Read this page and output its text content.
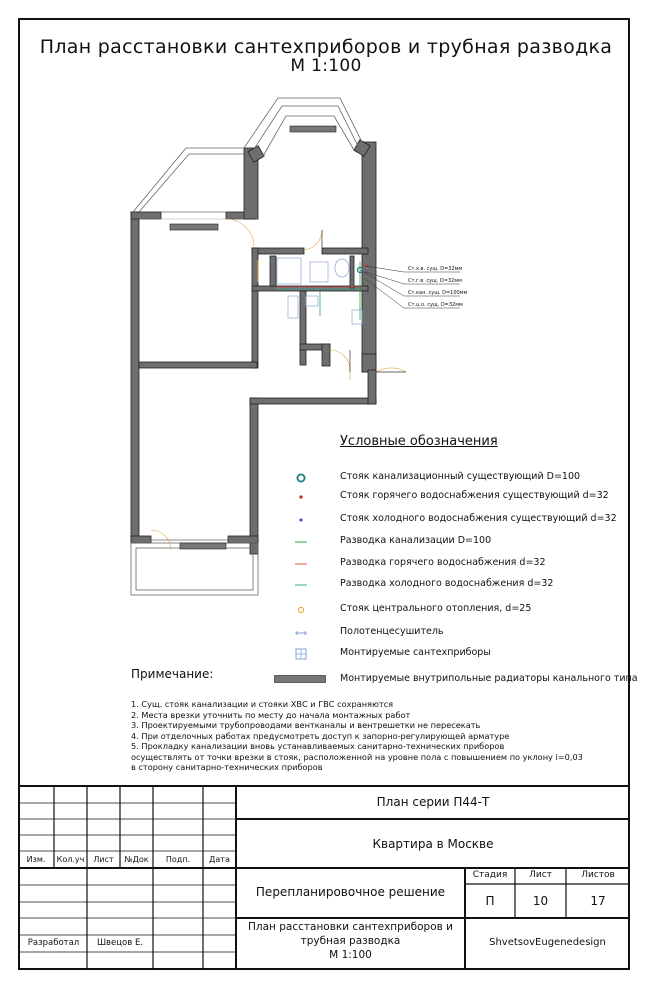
План расстановки сантехприборов и трубная разводка
М 1:100
Ст.х.в. сущ. D=32мм
Ст.г.в. сущ. D=32мм
Ст.кан. сущ. D=100мм
Ст.ц.о. сущ. D=32мм
Условные обозначения
Стояк канализационный существующий D=100
Стояк горячего водоснабжения существующий d=32
Стояк холодного водоснабжения существующий d=32
Разводка канализации D=100
Разводка горячего водоснабжения d=32
Разводка холодного водоснабжения d=32
Стояк центрального отопления, d=25
Полотенцесушитель
Монтируемые сантехприборы
Монтируемые внутрипольные радиаторы канального типа
Примечание:
1. Сущ. стояк канализации и стояки ХВС и ГВС сохраняются
2. Места врезки уточнить по месту до начала монтажных работ
3. Проектируемыми трубопроводами вентканалы и вентрешетки не пересекать
4. При отделочных работах предусмотреть доступ к запорно-регулирующей арматуре
5. Прокладку канализации вновь устанавливаемых санитарно-технических приборов
осуществлять от точки врезки в стояк, расположенной на уровне пола с повышением по уклону i=0,03
в сторону санитарно-технических приборов
Изм.	Кол.уч	Лист	№Док	Подп.	Дата
План серии П44-Т
Квартира в Москве
Перепланировочное решение
Стадия	Лист	Листов
П	10	17
План расстановки сантехприборов и
трубная разводка
М 1:100
Разработал	Швецов Е.	ShvetsovEugenedesign
